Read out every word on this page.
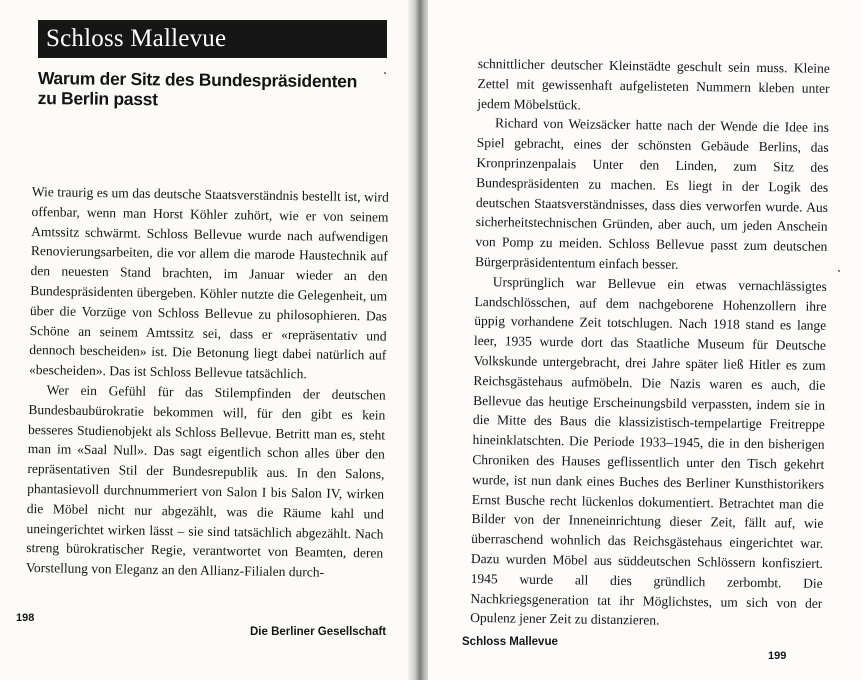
Schloss Mallevue
Warum der Sitz des Bundespräsidenten
zu Berlin passt

Wie traurig es um das deutsche Staatsverständnis bestellt ist, wird offenbar, wenn man Horst Köhler zuhört, wie er von seinem Amtssitz schwärmt. Schloss Bellevue wurde nach aufwendigen Renovierungsarbeiten, die vor allem die marode Haustechnik auf den neuesten Stand brachten, im Januar wieder an den Bundespräsidenten übergeben. Köhler nutzte die Gelegenheit, um über die Vorzüge von Schloss Bellevue zu philosophieren. Das Schöne an seinem Amtssitz sei, dass er «repräsentativ und dennoch bescheiden» ist. Die Betonung liegt dabei natürlich auf «bescheiden». Das ist Schloss Bellevue tatsächlich.

Wer ein Gefühl für das Stilempfinden der deutschen Bundesbaubürokratie bekommen will, für den gibt es kein besseres Studienobjekt als Schloss Bellevue. Betritt man es, steht man im «Saal Null». Das sagt eigentlich schon alles über den repräsentativen Stil der Bundesrepublik aus. In den Salons, phantasievoll durchnummeriert von Salon I bis Salon IV, wirken die Möbel nicht nur abgezählt, was die Räume kahl und uneingerichtet wirken lässt – sie sind tatsächlich abgezählt. Nach streng bürokratischer Regie, verantwortet von Beamten, deren Vorstellung von Eleganz an den Allianz-Filialen durch-

198
Die Berliner Gesellschaft

schnittlicher deutscher Kleinstädte geschult sein muss. Kleine Zettel mit gewissenhaft aufgelisteten Nummern kleben unter jedem Möbelstück.

Richard von Weizsäcker hatte nach der Wende die Idee ins Spiel gebracht, eines der schönsten Gebäude Berlins, das Kronprinzenpalais Unter den Linden, zum Sitz des Bundespräsidenten zu machen. Es liegt in der Logik des deutschen Staatsverständnisses, dass dies verworfen wurde. Aus sicherheitstechnischen Gründen, aber auch, um jeden Anschein von Pomp zu meiden. Schloss Bellevue passt zum deutschen Bürgerpräsidententum einfach besser.

Ursprünglich war Bellevue ein etwas vernachlässigtes Landschlösschen, auf dem nachgeborene Hohenzollern ihre üppig vorhandene Zeit totschlugen. Nach 1918 stand es lange leer, 1935 wurde dort das Staatliche Museum für Deutsche Volkskunde untergebracht, drei Jahre später ließ Hitler es zum Reichsgästehaus aufmöbeln. Die Nazis waren es auch, die Bellevue das heutige Erscheinungsbild verpassten, indem sie in die Mitte des Baus die klassizistisch-tempelartige Freitreppe hineinklatschten. Die Periode 1933–1945, die in den bisherigen Chroniken des Hauses geflissentlich unter den Tisch gekehrt wurde, ist nun dank eines Buches des Berliner Kunsthistorikers Ernst Busche recht lückenlos dokumentiert. Betrachtet man die Bilder von der Inneneinrichtung dieser Zeit, fällt auf, wie überraschend wohnlich das Reichsgästehaus eingerichtet war. Dazu wurden Möbel aus süddeutschen Schlössern konfisziert. 1945 wurde all dies gründlich zerbombt. Die Nachkriegsgeneration tat ihr Möglichstes, um sich von der Opulenz jener Zeit zu distanzieren.

Schloss Mallevue
199
